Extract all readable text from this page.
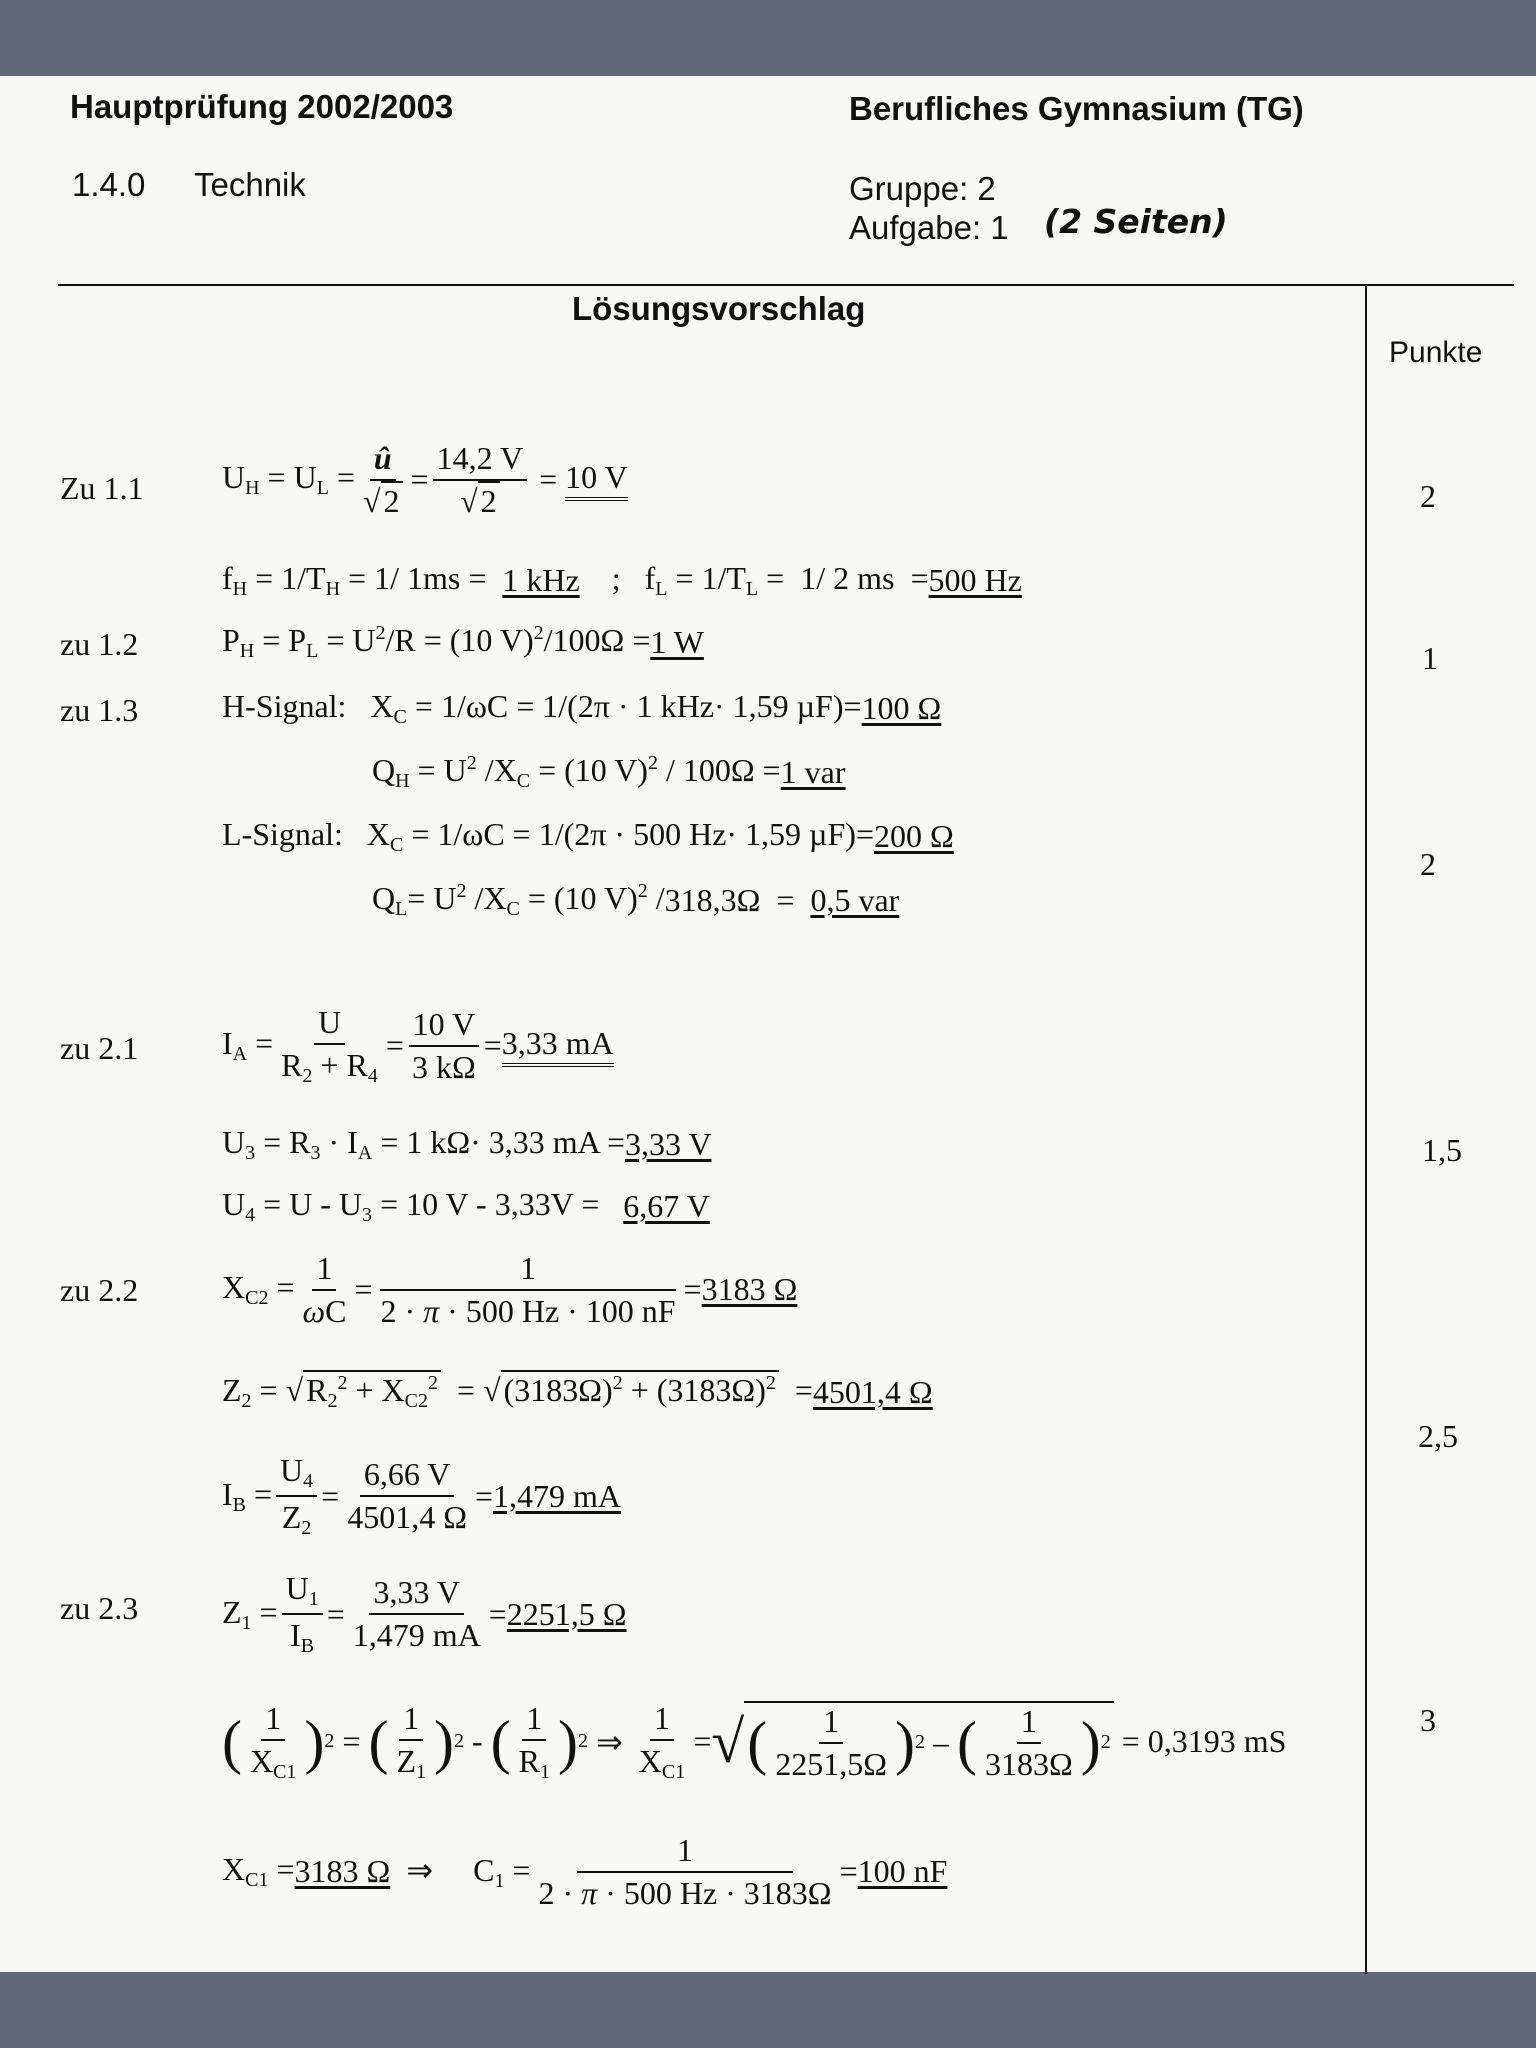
Hauptprüfung 2002/2003	Berufliches Gymnasium (TG)
1.4.0 Technik	Gruppe: 2
Aufgabe: 1 (2 Seiten)
Lösungsvorschlag
Punkte
Zu 1.1
zu 1.2
zu 1.3
zu 2.1
zu 2.2
zu 2.3
2
1
2
1,5
2,5
3
$U_H = U_L = \frac{û}{√2} = \frac{14,2 V}{√2} = 10$ V
$f_H = 1/T_H = 1/$ 1ms = 1 kHz ;   $f_L = 1/T_L = 1/$ 2 ms  = 500 Hz
$P_H = P_L = U^2/R = (10$ V)$^2$/100Ω = 1 W
H-Signal:   $X_C = 1/\omega C = 1/(2\pi \cdot 1$ kHz· 1,59 µF)= 100 Ω
$Q_H = U^2$ $/X_C = (10$ V)$^2$ / 100Ω = 1 var
L-Signal:   $X_C = 1/\omega C = 1/(2\pi \cdot 500$ Hz· 1,59 µF)= 200 Ω
$Q_L= U^2$ $/X_C = (10$ V)$^2$ / 318,3Ω = 0,5 var
$I_A = \frac{U}{R_2 + R_4} = \frac{10 V}{3 k\Omega} = 3,33$ mA
$U_3 = R_3 \cdot I_A = 1$ kΩ· 3,33 mA = 3,33 V
$U_4 = U - U_3 = 10$ V - 3,33V = 6,67 V
$X_{C2} = \frac{1}{\omega C} = \frac{1}{2 \cdot \pi \cdot 500 Hz \cdot 100 nF} = 3183$ Ω
$Z_2 = √R_2^2 + X_{C2}^2 = √(3183\Omega)^2 + (3183\Omega)^2 = 4501,4$ Ω
$I_B = \frac{U_4}{Z_2} = \frac{6,66 V}{4501,4 \Omega} = 1,479$ mA
$Z_1 = \frac{U_1}{I_B} = \frac{3,33 V}{1,479 mA} = 2251,5$ Ω
( $\frac{1}{X_{C1}}$ ) 2 = ( $\frac{1}{Z_1}$ ) 2 - ( $\frac{1}{R_1}$ ) 2 ⇒ $\frac{1}{X_{C1}}$ = √ ( $\frac{1}{2251,5\Omega}$ ) 2 – ( $\frac{1}{3183\Omega}$ ) 2
= 0,3193 mS
$X_{C1} = 3183$ Ω ⇒     $C_1 = \frac{1}{2 \cdot \pi \cdot 500 Hz \cdot 3183\Omega} = 100$ nF
